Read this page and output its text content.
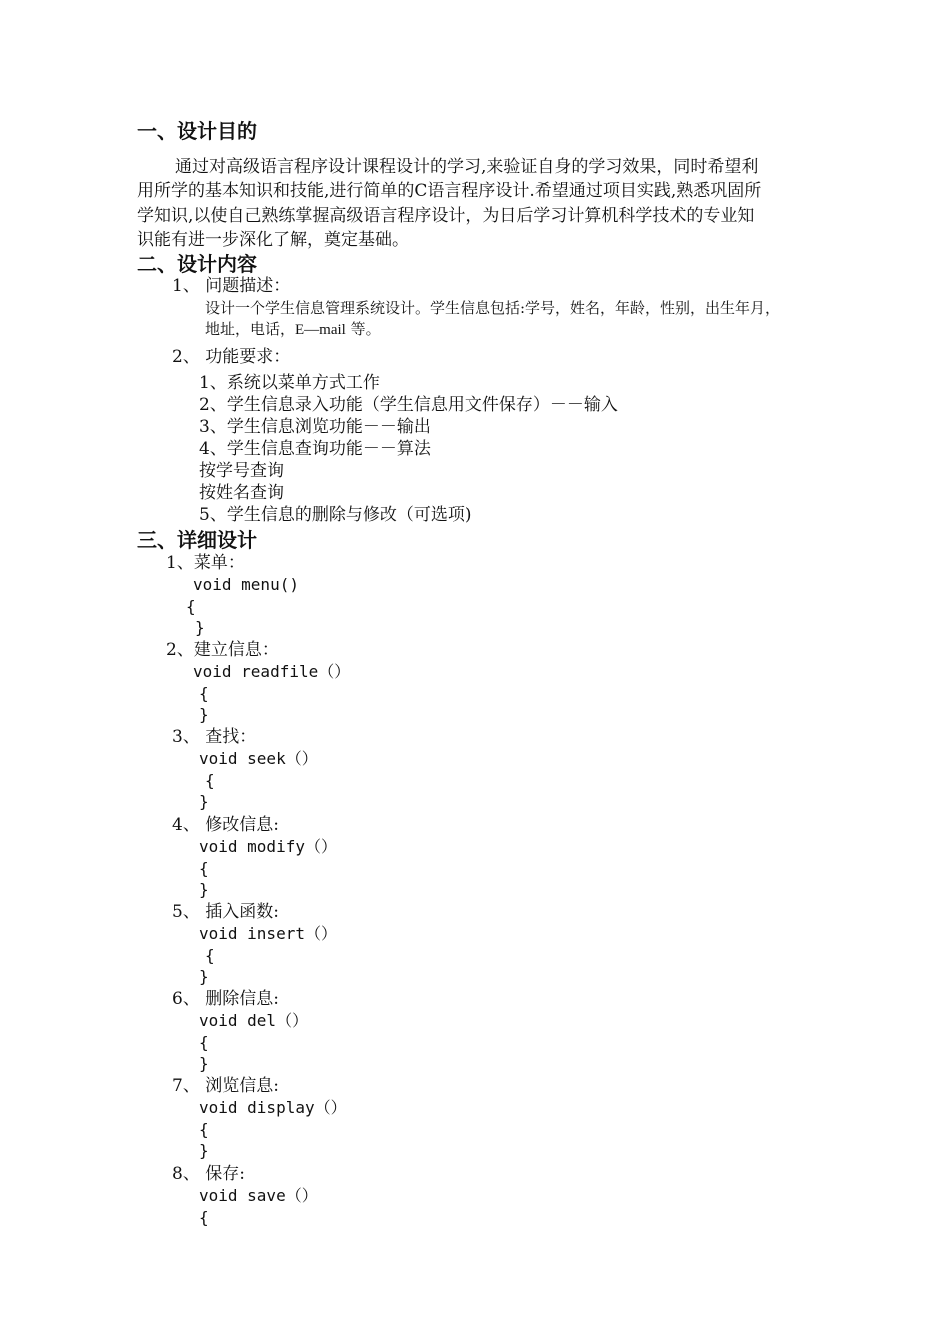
一、设计目的
通过对高级语言程序设计课程设计的学习,来验证自身的学习效果，同时希望利
用所学的基本知识和技能,进行简单的C语言程序设计.希望通过项目实践,熟悉巩固所
学知识,以使自己熟练掌握高级语言程序设计，为日后学习计算机科学技术的专业知
识能有进一步深化了解，奠定基础。
二、设计内容
1、 问题描述：
设计一个学生信息管理系统设计。学生信息包括:学号，姓名，年龄，性别，出生年月，
地址，电话，E—mail 等。
2、 功能要求：
1、系统以菜单方式工作
2、学生信息录入功能（学生信息用文件保存）－－输入
3、学生信息浏览功能－－输出
4、学生信息查询功能－－算法
按学号查询
按姓名查询
5、学生信息的删除与修改（可选项)
三、详细设计
1、菜单：
void menu()
{
}
2、建立信息：
void readfile（）
{
}
3、 查找：
void seek（）
{
}
4、 修改信息:
void modify（）
{
}
5、 插入函数:
void insert（）
{
}
6、 删除信息:
void del（）
{
}
7、 浏览信息:
void display（）
{
}
8、 保存:
void save（）
{
